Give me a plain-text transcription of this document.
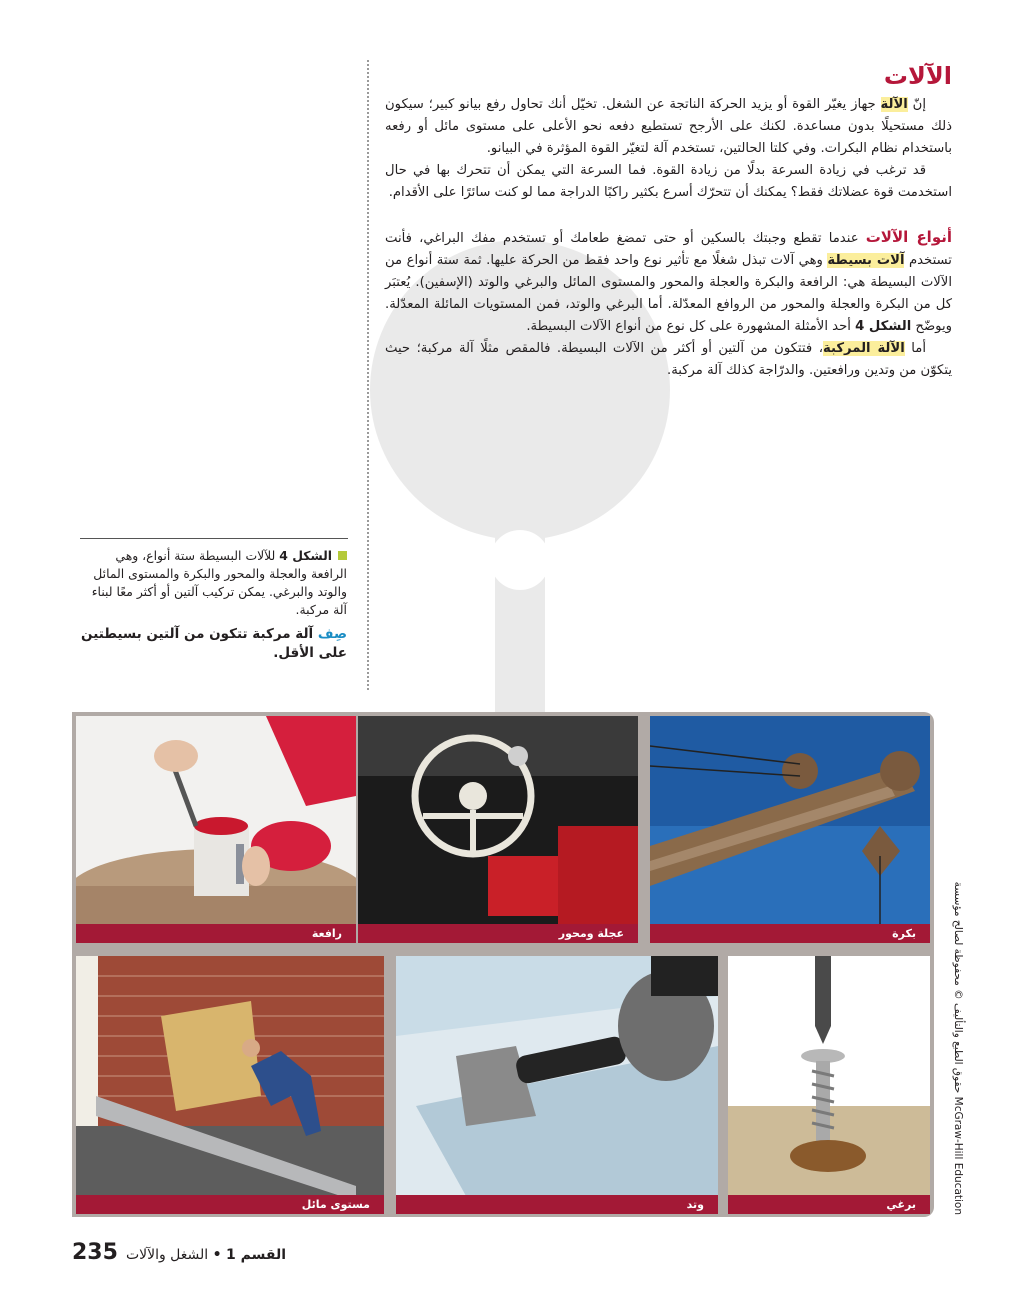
الآلات

إنّ الآلة جهاز يغيّر القوة أو يزيد الحركة الناتجة عن الشغل. تخيّل أنك تحاول رفع بيانو كبير؛ سيكون ذلك مستحيلًا بدون مساعدة. لكنك على الأرجح تستطيع دفعه نحو الأعلى على مستوى مائل أو رفعه باستخدام نظام البكرات. وفي كلتا الحالتين، تستخدم آلة لتغيّر القوة المؤثرة في البيانو.

قد ترغب في زيادة السرعة بدلًا من زيادة القوة. فما السرعة التي يمكن أن تتحرك بها في حال استخدمت قوة عضلاتك فقط؟ يمكنك أن تتحرّك أسرع بكثير راكبًا الدراجة مما لو كنت سائرًا على الأقدام.

أنواع الآلات عندما تقطع وجبتك بالسكين أو حتى تمضغ طعامك أو تستخدم مفك البراغي، فأنت تستخدم آلات بسيطة وهي آلات تبذل شغلًا مع تأثير نوع واحد فقط من الحركة عليها. ثمة ستة أنواع من الآلات البسيطة هي: الرافعة والبكرة والعجلة والمحور والمستوى المائل والبرغي والوتد (الإسفين). يُعتبَر كل من البكرة والعجلة والمحور من الروافع المعدّلة. أما البرغي والوتد، فمن المستويات المائلة المعدّلة. ويوضّح الشكل 4 أحد الأمثلة المشهورة على كل نوع من أنواع الآلات البسيطة.

أما الآلة المركبة، فتتكون من آلتين أو أكثر من الآلات البسيطة. فالمقص مثلًا آلة مركبة؛ حيث يتكوّن من وتدين ورافعتين. والدرّاجة كذلك آلة مركبة.

الشكل 4 للآلات البسيطة ستة أنواع، وهي الرافعة والعجلة والمحور والبكرة والمستوى المائل والوتد والبرغي. يمكن تركيب آلتين أو أكثر معًا لبناء آلة مركبة.
صِف آلة مركبة تتكون من آلتين بسيطتين على الأقل.
رافعة	عجلة ومحور	بكرة
مستوى مائل	وتد	برغي
McGraw-Hill Education حقوق الطبع والتأليف © محفوظة لصالح مؤسسة
القسم 1 • الشغل والآلات
235
